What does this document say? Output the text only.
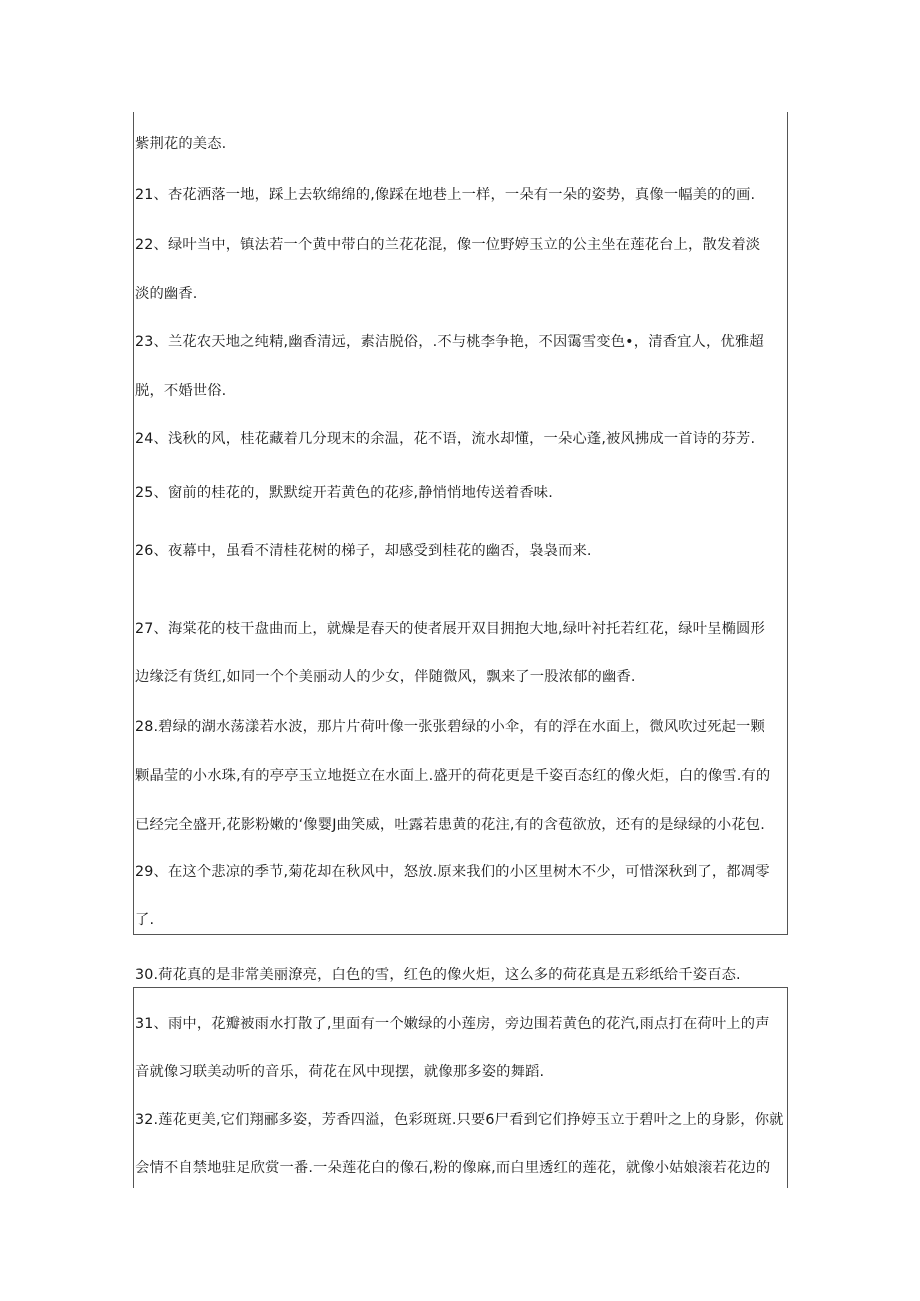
紫荆花的美态.
21、杏花洒落一地，踩上去软绵绵的,像踩在地巷上一样，一朵有一朵的姿势，真像一幅美的的画.
22、绿叶当中，镇法若一个黄中带白的兰花花混，像一位野婷玉立的公主坐在莲花台上，散发着淡
淡的幽香.
23、兰花农天地之纯精,幽香清远，素洁脱俗，.不与桃李争艳，不因霭雪变色•，清香宜人，优雅超
脱，不婚世俗.
24、浅秋的风，桂花藏着几分现末的余温，花不语，流水却懂，一朵心蓬,被风拂成一首诗的芬芳.
25、窗前的桂花的，默默绽开若黄色的花疹,静悄悄地传送着香味.
26、夜幕中，虽看不清桂花树的梯子，却感受到桂花的幽否，袅袅而来.
27、海棠花的枝干盘曲而上，就燥是春天的使者展开双目拥抱大地,绿叶衬托若红花，绿叶呈椭圆形
边缘泛有货红,如同一个个美丽动人的少女，伴随微风，飘来了一股浓郁的幽香.
28.碧绿的湖水荡漾若水波，那片片荷叶像一张张碧绿的小伞，有的浮在水面上，微风吹过死起一颗
颗晶莹的小水珠,有的亭亭玉立地挺立在水面上.盛开的荷花更是千姿百态红的像火炬，白的像雪.有的
已经完全盛开,花影粉嫩的‘像婴J曲笑威，吐露若患黄的花注,有的含苞欲放，还有的是绿绿的小花包.
29、在这个悲凉的季节,菊花却在秋风中，怒放.原来我们的小区里树木不少，可惜深秋到了，都凋零
了.
30.荷花真的是非常美丽潦亮，白色的雪，红色的像火炬，这么多的荷花真是五彩纸给千姿百态.
31、雨中，花瓣被雨水打散了,里面有一个嫩绿的小莲房，旁边围若黄色的花汽,雨点打在荷叶上的声
音就像习联美动听的音乐，荷花在风中现摆，就像那多姿的舞蹈.
32.莲花更美,它们翔郦多姿，芳香四溢，色彩斑斑.只要6尸看到它们挣婷玉立于碧叶之上的身影，你就
会情不自禁地驻足欣赏一番.一朵莲花白的像石,粉的像麻,而白里透红的莲花，就像小姑娘滚若花边的
